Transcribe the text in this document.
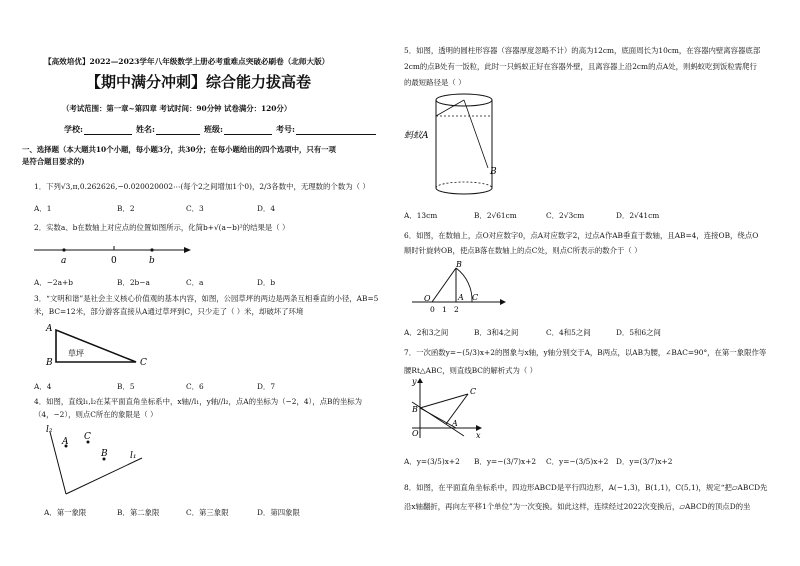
【高效培优】2022—2023学年八年级数学上册必考重难点突破必刷卷（北师大版）
【期中满分冲刺】综合能力拔高卷
（考试范围：第一章~第四章 考试时间：90分钟 试卷满分：120分）
学校:	姓名:	班级:	考号:
一、选择题（本大题共10个小题，每小题3分，共30分；在每小题给出的四个选项中，只有一项
是符合题目要求的)
1．下列√3,π,0.262626,−0.020020002⋯(每个2之间增加1个0)，2/3各数中，无理数的个数为（ ）
A．1	B．2	C．3	D．4
2．实数a、b在数轴上对应点的位置如图所示，化简b+√(a−b)²的结果是（ ）
a	0	b
A．−2a+b	B．2b−a	C．a	D．b
3．“文明和谐”是社会主义核心价值观的基本内容，如图，公园草坪的两边是两条互相垂直的小径，AB=5
米，BC=12米，部分游客直接从A通过草坪到C，只少走了（ ）米，却破坏了环境
A
B	C
草坪
A．4	B．5	C．6	D．7
4．如图，直线l₁,l₂在某平面直角坐标系中，x轴//l₁，y轴//l₂，点A的坐标为（−2，4），点B的坐标为
（4，−2），则点C所在的象限是（ ）
l₂
l₁
A C
B
A．第一象限	B．第二象限	C．第三象限	D．第四象限
5．如图，透明的圆柱形容器（容器厚度忽略不计）的高为12cm，底面周长为10cm，在容器内壁离容器底部
2cm的点B处有一饭粒，此时一只蚂蚁正好在容器外壁，且离容器上沿2cm的点A处，则蚂蚁吃到饭粒需爬行
的最短路径是（ ）
蚂蚁A
B
A．13cm	B．2√61cm	C．2√3cm	D．2√41cm
6．如图，在数轴上，点O对应数字0，点A对应数字2，过点A作AB垂直于数轴，且AB=4，连接OB，绕点O
顺时针旋转OB，使点B落在数轴上的点C处，则点C所表示的数介于（ ）
B
O	A C
0 1 2
A．2和3之间	B．3和4之间	C．4和5之间	D．5和6之间
7．一次函数y=−(5/3)x+2的图象与x轴，y轴分别交于A，B两点，以AB为腰，∠BAC=90°，在第一象限作等
腰Rt△ABC，则直线BC的解析式为（ ）
y
B
C
O
A
x
A．y=(3/5)x+2 B．y=−(3/7)x+2 C．y=−(3/5)x+2 D．y=(3/7)x+2
8．如图，在平面直角坐标系中，四边形ABCD是平行四边形，A(−1,3)，B(1,1)，C(5,1)，规定“把▱ABCD先
沿x轴翻折，再向左平移1个单位”为一次变换。如此这样，连续经过2022次变换后，▱ABCD的顶点D的坐
